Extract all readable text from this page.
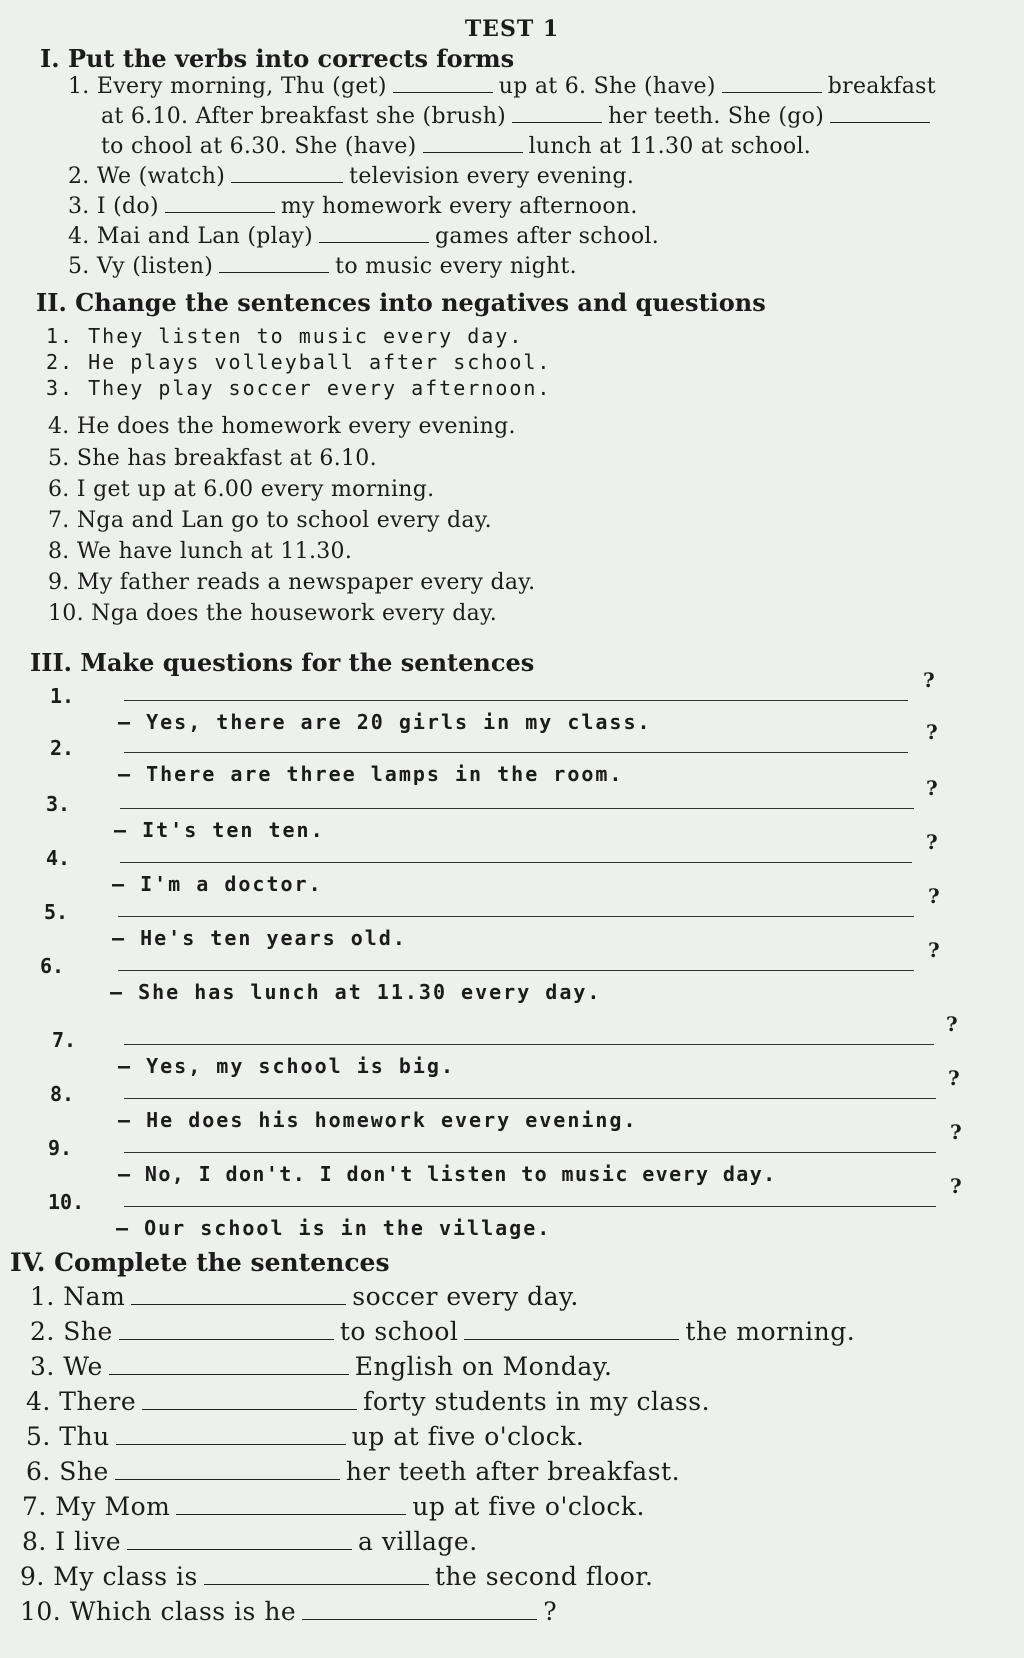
TEST 1
I. Put the verbs into corrects forms
1. Every morning, Thu (get)	up at 6. She (have)	breakfast
at 6.10. After breakfast she (brush)	her teeth. She (go)
to chool at 6.30. She (have)	lunch at 11.30 at school.
2. We (watch)	television every evening.
3. I (do)	my homework every afternoon.
4. Mai and Lan (play)	games after school.
5. Vy (listen)	to music every night.
II. Change the sentences into negatives and questions
1. They listen to music every day.
2. He plays volleyball after school.
3. They play soccer every afternoon.
4. He does the homework every evening.
5. She has breakfast at 6.10.
6. I get up at 6.00 every morning.
7. Nga and Lan go to school every day.
8. We have lunch at 11.30.
9. My father reads a newspaper every day.
10. Nga does the housework every day.
III. Make questions for the sentences
1.
?
– Yes, there are 20 girls in my class.
2.
?
– There are three lamps in the room.
3.
?
– It's ten ten.
4.
?
– I'm a doctor.
5.
?
– He's ten years old.
6.
?
– She has lunch at 11.30 every day.
7.
?
– Yes, my school is big.
8.
?
– He does his homework every evening.
9.
?
– No, I don't. I don't listen to music every day.
10.
?
– Our school is in the village.
IV. Complete the sentences
1. Nam	soccer every day.
2. She	to school	the morning.
3. We	English on Monday.
4. There	forty students in my class.
5. Thu	up at five o'clock.
6. She	her teeth after breakfast.
7. My Mom	up at five o'clock.
8. I live	a village.
9. My class is	the second floor.
10. Which class is he	?
